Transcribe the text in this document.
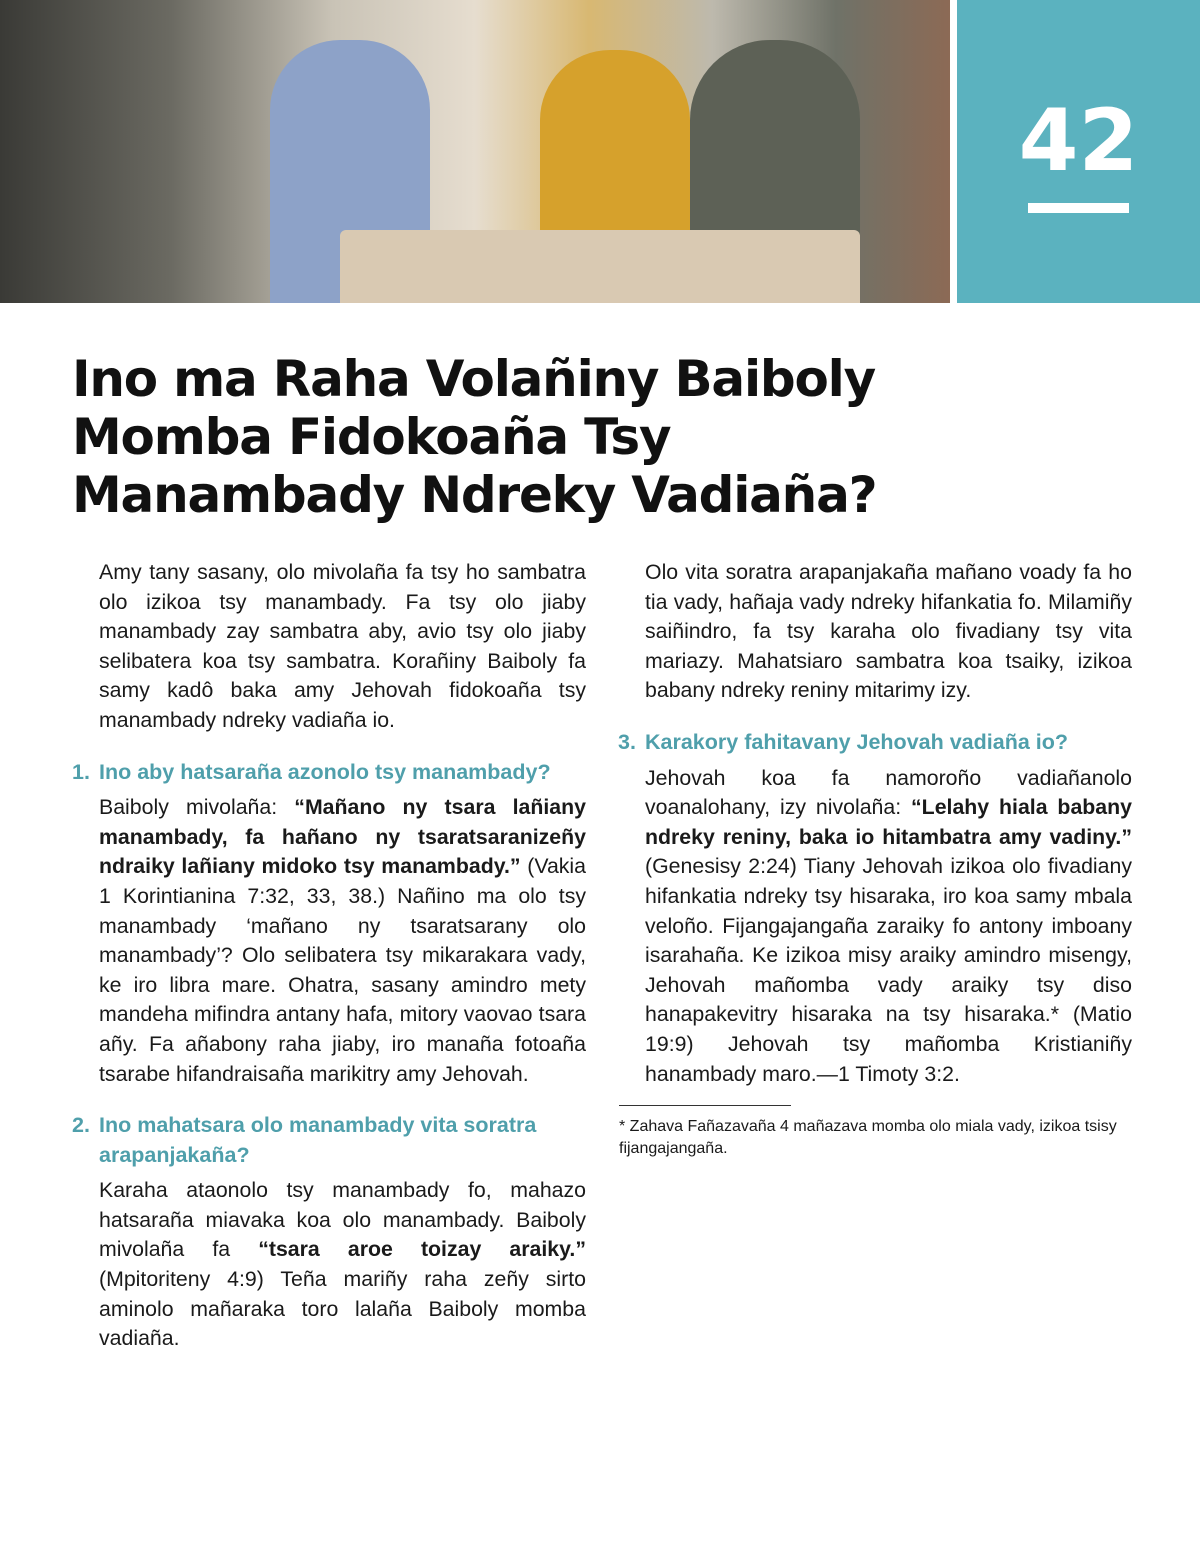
42
Ino ma Raha Volañiny Baiboly Momba Fidokoaña Tsy Manambady Ndreky Vadiaña?

Amy tany sasany, olo mivolaña fa tsy ho sambatra olo izikoa tsy manambady. Fa tsy olo jiaby manambady zay sambatra aby, avio tsy olo jiaby selibatera koa tsy sambatra. Korañiny Baiboly fa samy kadô baka amy Jehovah fidokoaña tsy manambady ndreky vadiaña io.

1. Ino aby hatsaraña azonolo tsy manambady?

Baiboly mivolaña: “Mañano ny tsara lañiany manambady, fa hañano ny tsaratsaranizeñy ndraiky lañiany midoko tsy manambady.” (Vakia 1 Korintianina 7:32, 33, 38.) Nañino ma olo tsy manambady ‘mañano ny tsaratsarany olo manambady’? Olo selibatera tsy mikarakara vady, ke iro libra mare. Ohatra, sasany amindro mety mandeha mifindra antany hafa, mitory vaovao tsara añy. Fa añabony raha jiaby, iro manaña fotoaña tsarabe hifandraisaña marikitry amy Jehovah.

2. Ino mahatsara olo manambady vita soratra arapanjakaña?

Karaha ataonolo tsy manambady fo, mahazo hatsaraña miavaka koa olo manambady. Baiboly mivolaña fa “tsara aroe toizay araiky.” (Mpitoriteny 4:9) Teña mariñy raha zeñy sirto aminolo mañaraka toro lalaña Baiboly momba vadiaña.

Olo vita soratra arapanjakaña mañano voady fa ho tia vady, hañaja vady ndreky hifankatia fo. Milamiñy saiñindro, fa tsy karaha olo fivadiany tsy vita mariazy. Mahatsiaro sambatra koa tsaiky, izikoa babany ndreky reniny mitarimy izy.

3. Karakory fahitavany Jehovah vadiaña io?

Jehovah koa fa namoroño vadiañanolo voanalohany, izy nivolaña: “Lelahy hiala babany ndreky reniny, baka io hitambatra amy vadiny.” (Genesisy 2:24) Tiany Jehovah izikoa olo fivadiany hifankatia ndreky tsy hisaraka, iro koa samy mbala veloño. Fijangajangaña zaraiky fo antony imboany isarahaña. Ke izikoa misy araiky amindro misengy, Jehovah mañomba vady araiky tsy diso hanapakevitry hisaraka na tsy hisaraka.* (Matio 19:9) Jehovah tsy mañomba Kristianiñy hanambady maro.—1 Timoty 3:2.

* Zahava Fañazavaña 4 mañazava momba olo miala vady, izikoa tsisy fijangajangaña.
